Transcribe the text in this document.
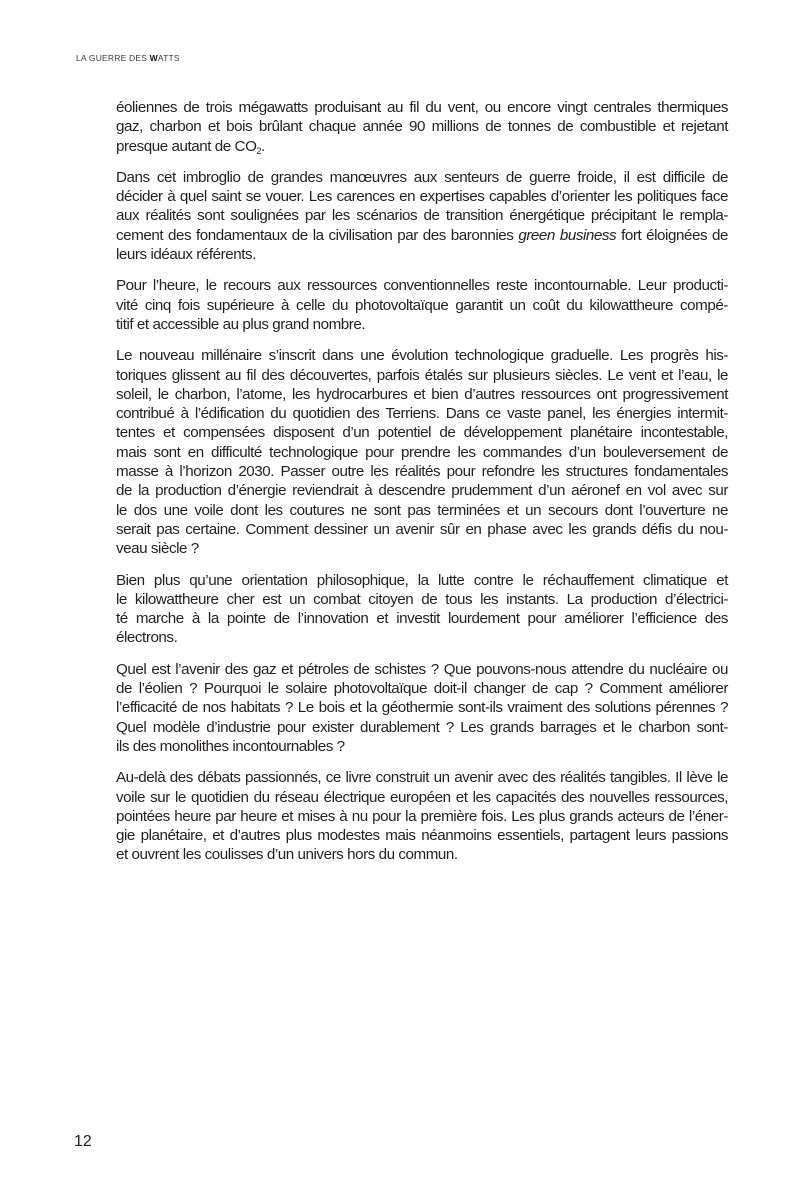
LA GUERRE DES WATTS

éoliennes de trois mégawatts produisant au fil du vent, ou encore vingt centrales thermiques
gaz, charbon et bois brûlant chaque année 90 millions de tonnes de combustible et rejetant
presque autant de $CO_2$.

Dans cet imbroglio de grandes manœuvres aux senteurs de guerre froide, il est difficile de
décider à quel saint se vouer. Les carences en expertises capables d’orienter les politiques face
aux réalités sont soulignées par les scénarios de transition énergétique précipitant le rempla-
cement des fondamentaux de la civilisation par des baronnies green business fort éloignées de
leurs idéaux référents.

Pour l’heure, le recours aux ressources conventionnelles reste incontournable. Leur producti-
vité cinq fois supérieure à celle du photovoltaïque garantit un coût du kilowattheure compé-
titif et accessible au plus grand nombre.

Le nouveau millénaire s’inscrit dans une évolution technologique graduelle. Les progrès his-
toriques glissent au fil des découvertes, parfois étalés sur plusieurs siècles. Le vent et l’eau, le
soleil, le charbon, l’atome, les hydrocarbures et bien d’autres ressources ont progressivement
contribué à l’édification du quotidien des Terriens. Dans ce vaste panel, les énergies intermit-
tentes et compensées disposent d’un potentiel de développement planétaire incontestable,
mais sont en difficulté technologique pour prendre les commandes d’un bouleversement de
masse à l’horizon 2030. Passer outre les réalités pour refondre les structures fondamentales
de la production d’énergie reviendrait à descendre prudemment d’un aéronef en vol avec sur
le dos une voile dont les coutures ne sont pas terminées et un secours dont l’ouverture ne
serait pas certaine. Comment dessiner un avenir sûr en phase avec les grands défis du nou-
veau siècle ?

Bien plus qu’une orientation philosophique, la lutte contre le réchauffement climatique et
le kilowattheure cher est un combat citoyen de tous les instants. La production d’électrici-
té marche à la pointe de l’innovation et investit lourdement pour améliorer l’efficience des
électrons.

Quel est l’avenir des gaz et pétroles de schistes ? Que pouvons-nous attendre du nucléaire ou
de l’éolien ? Pourquoi le solaire photovoltaïque doit-il changer de cap ? Comment améliorer
l’efficacité de nos habitats ? Le bois et la géothermie sont-ils vraiment des solutions pérennes ?
Quel modèle d’industrie pour exister durablement ? Les grands barrages et le charbon sont-
ils des monolithes incontournables ?

Au-delà des débats passionnés, ce livre construit un avenir avec des réalités tangibles. Il lève le
voile sur le quotidien du réseau électrique européen et les capacités des nouvelles ressources,
pointées heure par heure et mises à nu pour la première fois. Les plus grands acteurs de l’éner-
gie planétaire, et d’autres plus modestes mais néanmoins essentiels, partagent leurs passions
et ouvrent les coulisses d’un univers hors du commun.

12
